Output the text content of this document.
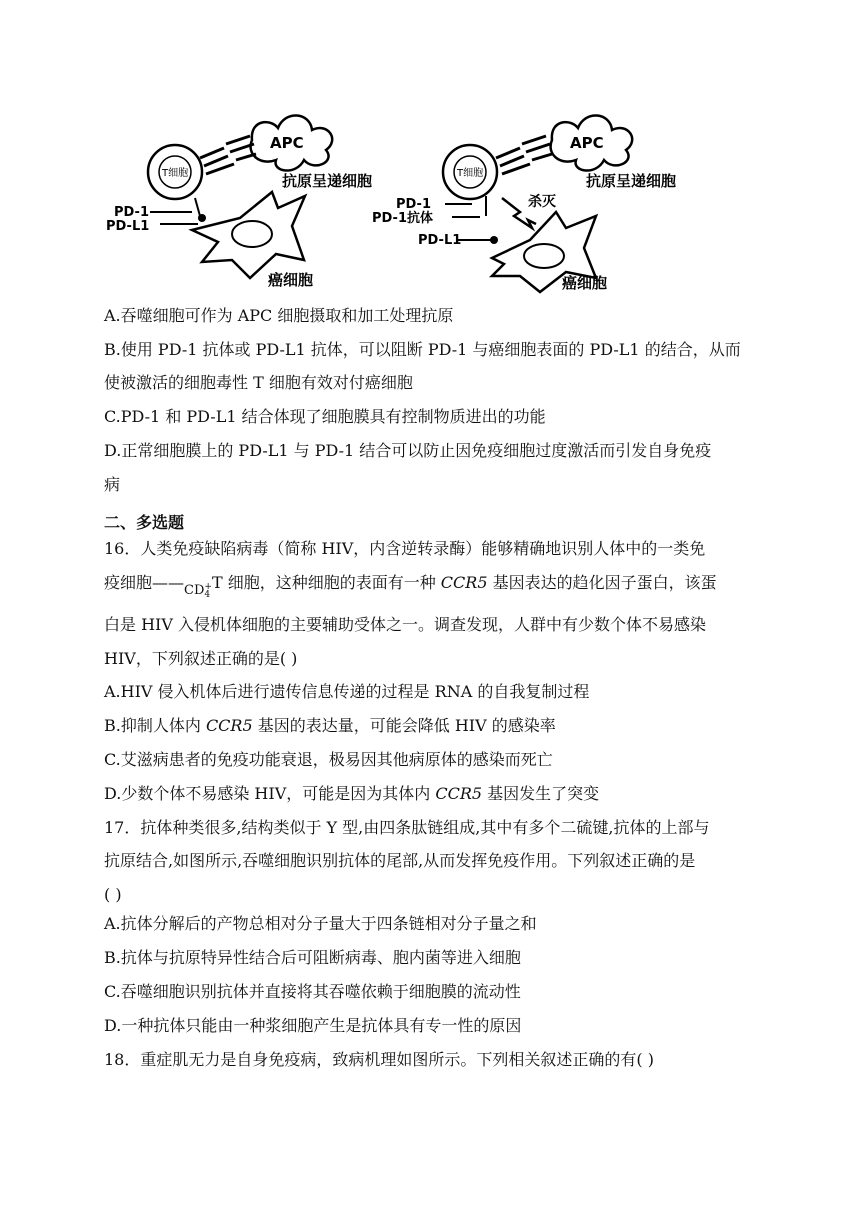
APC
T细胞	抗原呈递细胞
PD-1
PD-L1
癌细胞
APC
T细胞	抗原呈递细胞
杀灭
PD-1
PD-1抗体
PD-L1
癌细胞
A.吞噬细胞可作为 APC 细胞摄取和加工处理抗原
B.使用 PD-1 抗体或 PD-L1 抗体，可以阻断 PD-1 与癌细胞表面的 PD-L1 的结合，从而
使被激活的细胞毒性 T 细胞有效对付癌细胞
C.PD-1 和 PD-L1 结合体现了细胞膜具有控制物质进出的功能
D.正常细胞膜上的 PD-L1 与 PD-1 结合可以防止因免疫细胞过度激活而引发自身免疫
病
二、多选题
16．人类免疫缺陷病毒（简称 HIV，内含逆转录酶）能够精确地识别人体中的一类免
疫细胞——CD +
4
T 细胞，这种细胞的表面有一种 CCR5 基因表达的趋化因子蛋白，该蛋
白是 HIV 入侵机体细胞的主要辅助受体之一。调查发现，人群中有少数个体不易感染
HIV，下列叙述正确的是( )
A.HIV 侵入机体后进行遗传信息传递的过程是 RNA 的自我复制过程
B.抑制人体内 CCR5 基因的表达量，可能会降低 HIV 的感染率
C.艾滋病患者的免疫功能衰退，极易因其他病原体的感染而死亡
D.少数个体不易感染 HIV，可能是因为其体内 CCR5 基因发生了突变
17．抗体种类很多,结构类似于 Y 型,由四条肽链组成,其中有多个二硫键,抗体的上部与
抗原结合,如图所示,吞噬细胞识别抗体的尾部,从而发挥免疫作用。下列叙述正确的是
( )
A.抗体分解后的产物总相对分子量大于四条链相对分子量之和
B.抗体与抗原特异性结合后可阻断病毒、胞内菌等进入细胞
C.吞噬细胞识别抗体并直接将其吞噬依赖于细胞膜的流动性
D.一种抗体只能由一种浆细胞产生是抗体具有专一性的原因
18．重症肌无力是自身免疫病，致病机理如图所示。下列相关叙述正确的有( )
